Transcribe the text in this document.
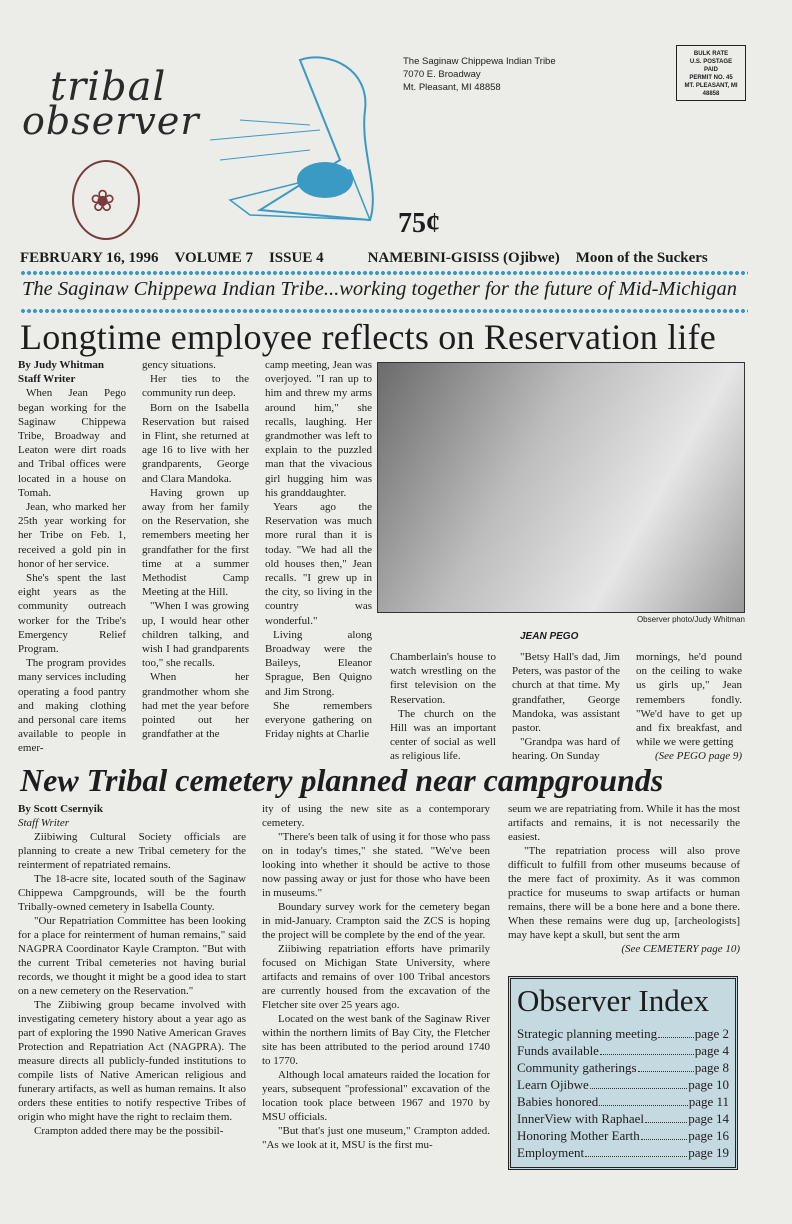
tribal
observer
❀
The Saginaw Chippewa Indian Tribe
7070 E. Broadway
Mt. Pleasant, MI 48858
BULK RATE
U.S. POSTAGE
PAID
PERMIT NO. 45
MT. PLEASANT, MI
48858
75¢
FEBRUARY 16, 1996 VOLUME 7 ISSUE 4	NAMEBINI-GISISS (Ojibwe) Moon of the Suckers
The Saginaw Chippewa Indian Tribe...working together for the future of Mid-Michigan
Longtime employee reflects on Reservation life

By Judy Whitman

Staff Writer

When Jean Pego began working for the Saginaw Chippewa Tribe, Broadway and Leaton were dirt roads and Tribal offices were located in a house on Tomah.

Jean, who marked her 25th year working for her Tribe on Feb. 1, received a gold pin in honor of her service.

She's spent the last eight years as the community outreach worker for the Tribe's Emergency Relief Program.

The program provides many services including operating a food pantry and making clothing and personal care items available to people in emer-

gency situations.

Her ties to the community run deep.

Born on the Isabella Reservation but raised in Flint, she returned at age 16 to live with her grandparents, George and Clara Mandoka.

Having grown up away from her family on the Reservation, she remembers meeting her grandfather for the first time at a summer Methodist Camp Meeting at the Hill.

"When I was growing up, I would hear other children talking, and wish I had grandparents too," she recalls.

When her grandmother whom she had met the year before pointed out her grandfather at the

camp meeting, Jean was overjoyed. "I ran up to him and threw my arms around him," she recalls, laughing. Her grandmother was left to explain to the puzzled man that the vivacious girl hugging him was his granddaughter.

Years ago the Reservation was much more rural than it is today. "We had all the old houses then," Jean recalls. "I grew up in the city, so living in the country was wonderful."

Living along Broadway were the Baileys, Eleanor Sprague, Ben Quigno and Jim Strong.

She remembers everyone gathering on Friday nights at Charlie

Observer photo/Judy Whitman
JEAN PEGO

Chamberlain's house to watch wrestling on the first television on the Reservation.

The church on the Hill was an important center of social as well as religious life.

"Betsy Hall's dad, Jim Peters, was pastor of the church at that time. My grandfather, George Mandoka, was assistant pastor.

"Grandpa was hard of hearing. On Sunday

mornings, he'd pound on the ceiling to wake us girls up," Jean remembers fondly. "We'd have to get up and fix breakfast, and while we were getting

(See PEGO page 9)

New Tribal cemetery planned near campgrounds

By Scott Csernyik

Staff Writer

Ziibiwing Cultural Society officials are planning to create a new Tribal cemetery for the reinterment of repatriated remains.

The 18-acre site, located south of the Saginaw Chippewa Campgrounds, will be the fourth Tribally-owned cemetery in Isabella County.

"Our Repatriation Committee has been looking for a place for reinterment of human remains," said NAGPRA Coordinator Kayle Crampton. "But with the current Tribal cemeteries not having burial records, we thought it might be a good idea to start on a new cemetery on the Reservation."

The Ziibiwing group became involved with investigating cemetery history about a year ago as part of exploring the 1990 Native American Graves Protection and Repatriation Act (NAGPRA). The measure directs all publicly-funded institutions to compile lists of Native American religious and funerary artifacts, as well as human remains. It also orders these entities to notify respective Tribes of origin who might have the right to reclaim them.

Crampton added there may be the possibil-

ity of using the new site as a contemporary cemetery.

"There's been talk of using it for those who pass on in today's times," she stated. "We've been looking into whether it should be active to those now passing away or just for those who have been in museums."

Boundary survey work for the cemetery began in mid-January. Crampton said the ZCS is hoping the project will be complete by the end of the year.

Ziibiwing repatriation efforts have primarily focused on Michigan State University, where artifacts and remains of over 100 Tribal ancestors are currently housed from the excavation of the Fletcher site over 25 years ago.

Located on the west bank of the Saginaw River within the northern limits of Bay City, the Fletcher site has been attributed to the period around 1740 to 1770.

Although local amateurs raided the location for years, subsequent "professional" excavation of the location took place between 1967 and 1970 by MSU officials.

"But that's just one museum," Crampton added. "As we look at it, MSU is the first mu-

seum we are repatriating from. While it has the most artifacts and remains, it is not necessarily the easiest.

"The repatriation process will also prove difficult to fulfill from other museums because of the mere fact of proximity. As it was common practice for museums to swap artifacts or human remains, there will be a bone here and a bone there. When these remains were dug up, [archeologists] may have kept a skull, but sent the arm

(See CEMETERY page 10)

Observer Index
Strategic planning meeting	page 2
Funds available	page 4
Community gatherings	page 8
Learn Ojibwe	page 10
Babies honored	page 11
InnerView with Raphael	page 14
Honoring Mother Earth	page 16
Employment	page 19
